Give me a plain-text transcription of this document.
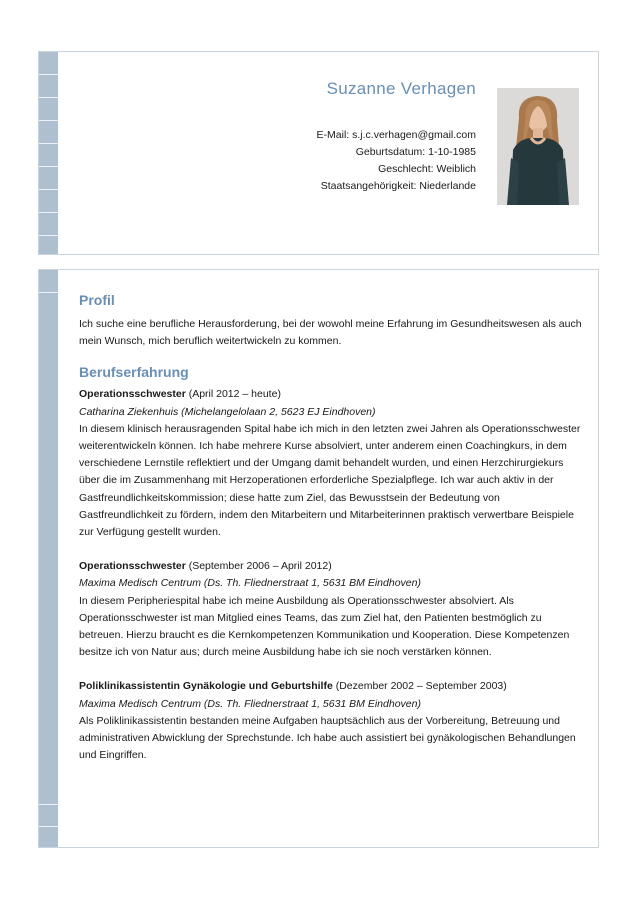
Suzanne Verhagen
E-Mail: s.j.c.verhagen@gmail.com
Geburtsdatum: 1-10-1985
Geschlecht: Weiblich
Staatsangehörigkeit: Niederlande
Profil

Ich suche eine berufliche Herausforderung, bei der wowohl meine Erfahrung im Gesundheitswesen als auch mein Wunsch, mich beruflich weitertwickeln zu kommen.

Berufserfahrung

Operationsschwester (April 2012 – heute)

Catharina Ziekenhuis (Michelangelolaan 2, 5623 EJ Eindhoven)

In diesem klinisch herausragenden Spital habe ich mich in den letzten zwei Jahren als Operationsschwester weiterentwickeln können. Ich habe mehrere Kurse absolviert, unter anderem einen Coachingkurs, in dem verschiedene Lernstile reflektiert und der Umgang damit behandelt wurden, und einen Herzchirurgiekurs über die im Zusammenhang mit Herzoperationen erforderliche Spezialpflege. Ich war auch aktiv in der Gastfreundlichkeitskommission; diese hatte zum Ziel, das Bewusstsein der Bedeutung von Gastfreundlichkeit zu fördern, indem den Mitarbeitern und Mitarbeiterinnen praktisch verwertbare Beispiele zur Verfügung gestellt wurden.

Operationsschwester (September 2006 – April 2012)

Maxima Medisch Centrum (Ds. Th. Fliednerstraat 1, 5631 BM Eindhoven)

In diesem Peripheriespital habe ich meine Ausbildung als Operationsschwester absolviert. Als Operationsschwester ist man Mitglied eines Teams, das zum Ziel hat, den Patienten bestmöglich zu betreuen. Hierzu braucht es die Kernkompetenzen Kommunikation und Kooperation. Diese Kompetenzen besitze ich von Natur aus; durch meine Ausbildung habe ich sie noch verstärken können.

Poliklinikassistentin Gynäkologie und Geburtshilfe (Dezember 2002 – September 2003)

Maxima Medisch Centrum (Ds. Th. Fliednerstraat 1, 5631 BM Eindhoven)

Als Poliklinikassistentin bestanden meine Aufgaben hauptsächlich aus der Vorbereitung, Betreuung und administrativen Abwicklung der Sprechstunde. Ich habe auch assistiert bei gynäkologischen Behandlungen und Eingriffen.
